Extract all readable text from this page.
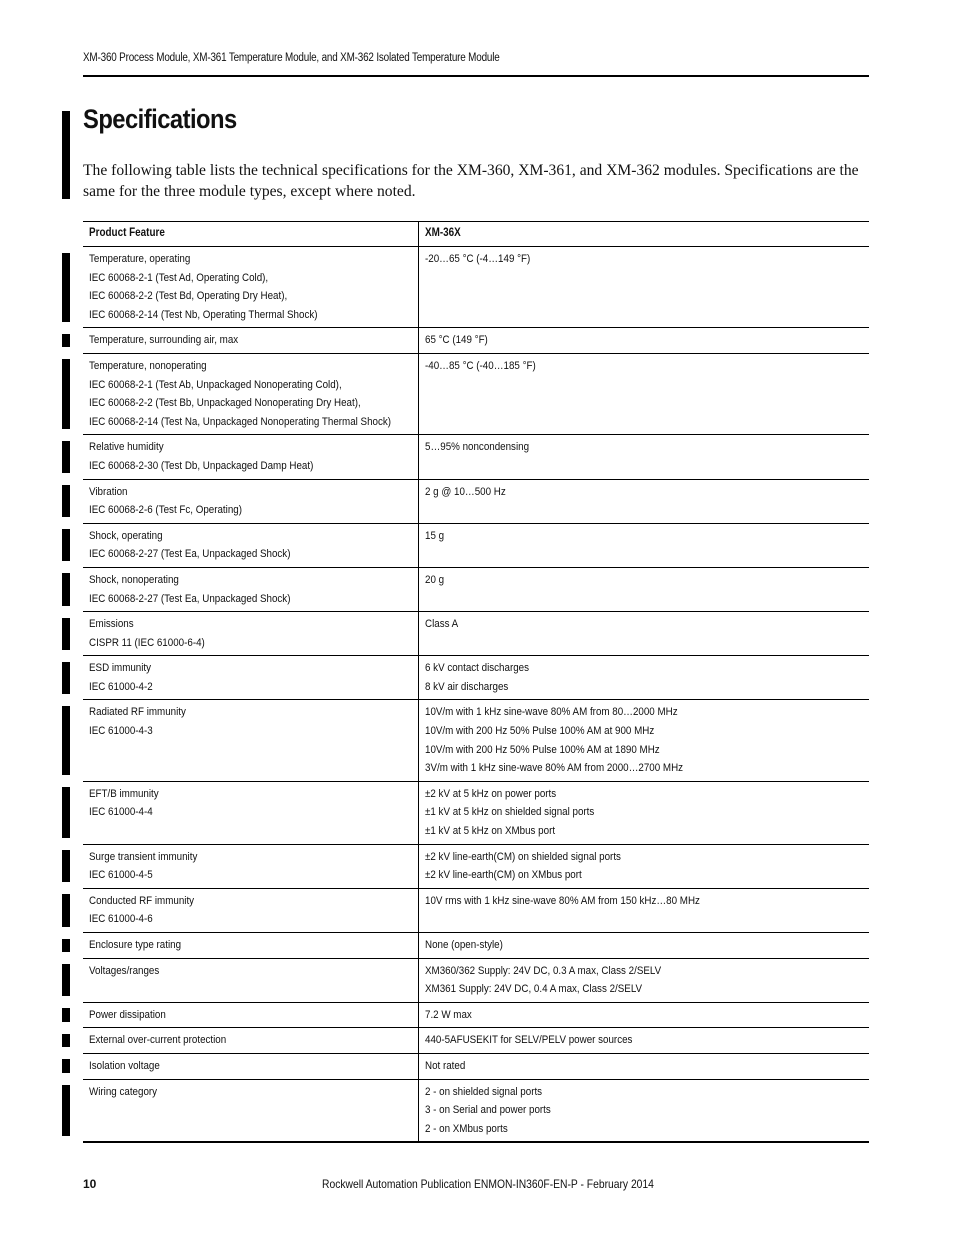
XM-360 Process Module, XM-361 Temperature Module, and XM-362 Isolated Temperature Module
Specifications
The following table lists the technical specifications for the XM-360, XM-361, and XM-362 modules. Specifications are the same for the three module types, except where noted.
Product Feature	XM-36X

Temperature, operating
IEC 60068-2-1 (Test Ad, Operating Cold),
IEC 60068-2-2 (Test Bd, Operating Dry Heat),
IEC 60068-2-14 (Test Nb, Operating Thermal Shock)	-20…65 °C (-4…149 °F)

Temperature, surrounding air, max	65 °C (149 °F)

Temperature, nonoperating
IEC 60068-2-1 (Test Ab, Unpackaged Nonoperating Cold),
IEC 60068-2-2 (Test Bb, Unpackaged Nonoperating Dry Heat),
IEC 60068-2-14 (Test Na, Unpackaged Nonoperating Thermal Shock)	-40…85 °C (-40…185 °F)

Relative humidity
IEC 60068-2-30 (Test Db, Unpackaged Damp Heat)	5…95% noncondensing

Vibration
IEC 60068-2-6 (Test Fc, Operating)	2 g @ 10…500 Hz

Shock, operating
IEC 60068-2-27 (Test Ea, Unpackaged Shock)	15 g

Shock, nonoperating
IEC 60068-2-27 (Test Ea, Unpackaged Shock)	20 g

Emissions
CISPR 11 (IEC 61000-6-4)	Class A

ESD immunity
IEC 61000-4-2	6 kV contact discharges
8 kV air discharges

Radiated RF immunity
IEC 61000-4-3	10V/m with 1 kHz sine-wave 80% AM from 80…2000 MHz
10V/m with 200 Hz 50% Pulse 100% AM at 900 MHz
10V/m with 200 Hz 50% Pulse 100% AM at 1890 MHz
3V/m with 1 kHz sine-wave 80% AM from 2000…2700 MHz

EFT/B immunity
IEC 61000-4-4	±2 kV at 5 kHz on power ports
±1 kV at 5 kHz on shielded signal ports
±1 kV at 5 kHz on XMbus port

Surge transient immunity
IEC 61000-4-5	±2 kV line-earth(CM) on shielded signal ports
±2 kV line-earth(CM) on XMbus port

Conducted RF immunity
IEC 61000-4-6	10V rms with 1 kHz sine-wave 80% AM from 150 kHz…80 MHz

Enclosure type rating	None (open-style)

Voltages/ranges	XM360/362 Supply: 24V DC, 0.3 A max, Class 2/SELV
XM361 Supply: 24V DC, 0.4 A max, Class 2/SELV

Power dissipation	7.2 W max

External over-current protection	440-5AFUSEKIT for SELV/PELV power sources

Isolation voltage	Not rated

Wiring category	2 - on shielded signal ports
3 - on Serial and power ports
2 - on XMbus ports
10	Rockwell Automation Publication ENMON-IN360F-EN-P - February 2014
